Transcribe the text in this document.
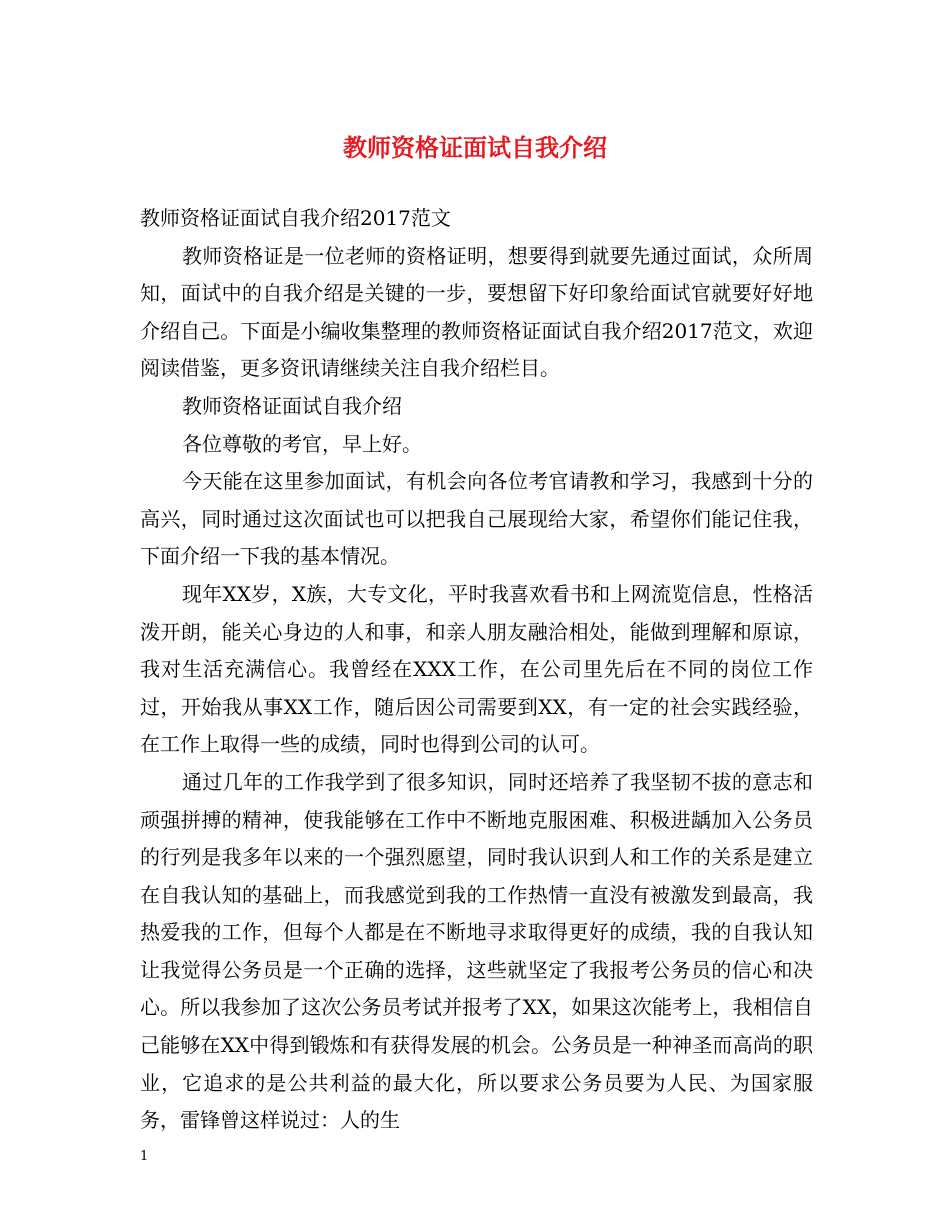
教师资格证面试自我介绍

教师资格证面试自我介绍2017范文

教师资格证是一位老师的资格证明，想要得到就要先通过面试，众所周知，面试中的自我介绍是关键的一步，要想留下好印象给面试官就要好好地介绍自己。下面是小编收集整理的教师资格证面试自我介绍2017范文，欢迎阅读借鉴，更多资讯请继续关注自我介绍栏目。

教师资格证面试自我介绍

各位尊敬的考官，早上好。

今天能在这里参加面试，有机会向各位考官请教和学习，我感到十分的高兴，同时通过这次面试也可以把我自己展现给大家，希望你们能记住我，下面介绍一下我的基本情况。

现年XX岁，X族，大专文化，平时我喜欢看书和上网流览信息，性格活泼开朗，能关心身边的人和事，和亲人朋友融洽相处，能做到理解和原谅，我对生活充满信心。我曾经在XXX工作，在公司里先后在不同的岗位工作过，开始我从事XX工作，随后因公司需要到XX，有一定的社会实践经验，在工作上取得一些的成绩，同时也得到公司的认可。

通过几年的工作我学到了很多知识，同时还培养了我坚韧不拔的意志和顽强拼搏的精神，使我能够在工作中不断地克服困难、积极进龋加入公务员的行列是我多年以来的一个强烈愿望，同时我认识到人和工作的关系是建立在自我认知的基础上，而我感觉到我的工作热情一直没有被激发到最高，我热爱我的工作，但每个人都是在不断地寻求取得更好的成绩，我的自我认知让我觉得公务员是一个正确的选择，这些就坚定了我报考公务员的信心和决心。所以我参加了这次公务员考试并报考了XX，如果这次能考上，我相信自己能够在XX中得到锻炼和有获得发展的机会。公务员是一种神圣而高尚的职业，它追求的是公共利益的最大化，所以要求公务员要为人民、为国家服务，雷锋曾这样说过：人的生

1
